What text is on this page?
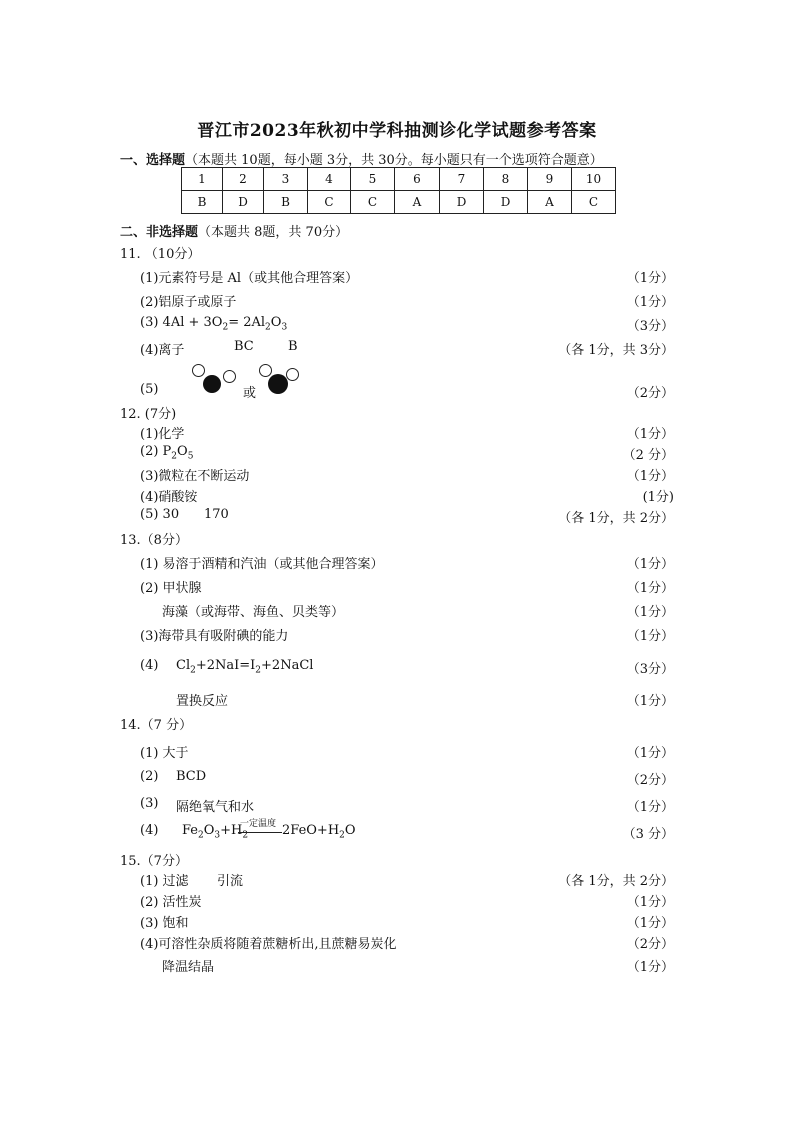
晋江市2023年秋初中学科抽测诊化学试题参考答案
一、选择题（本题共 10题，每小题 3分，共 30分。每小题只有一个选项符合题意）
1	2	3	4	5	6	7	8	9	10
B	D	B	C	C	A	D	D	A	C
二、非选择题（本题共 8题，共 70分）
11. （10分）
(1)元素符号是 Al（或其他合理答案）	（1分）
(2)铝原子或原子	（1分）
(3) $4Al + 3O_2= 2Al_2O_3$	（3分）
(4)离子	BC	B	（各 1分，共 3分）
(5)	或	（2分）
12. (7分)
(1)化学	（1分）
(2) $P_2O_5$	（2 分）
(3)微粒在不断运动	（1分）
(4)硝酸铵	(1分)
(5) 30 170	（各 1分，共 2分）
13.（8分）
(1) 易溶于酒精和汽油（或其他合理答案）	（1分）
(2) 甲状腺	（1分）
海藻（或海带、海鱼、贝类等）	（1分）
(3)海带具有吸附碘的能力	（1分）
(4) $Cl_2+2NaI=I_2+2NaCl$	（3分）
置换反应	（1分）
14.（7 分）
(1) 大于	（1分）
(2) BCD	（2分）
(3) 隔绝氧气和水	（1分）
(4) $Fe_2O_3+H_2$
一定温度 $2FeO+H_2O$	（3 分）
15.（7分）
(1) 过滤 引流	（各 1分，共 2分）
(2) 活性炭	（1分）
(3) 饱和	（1分）
(4)可溶性杂质将随着蔗糖析出,且蔗糖易炭化	（2分）
降温结晶	（1分）
